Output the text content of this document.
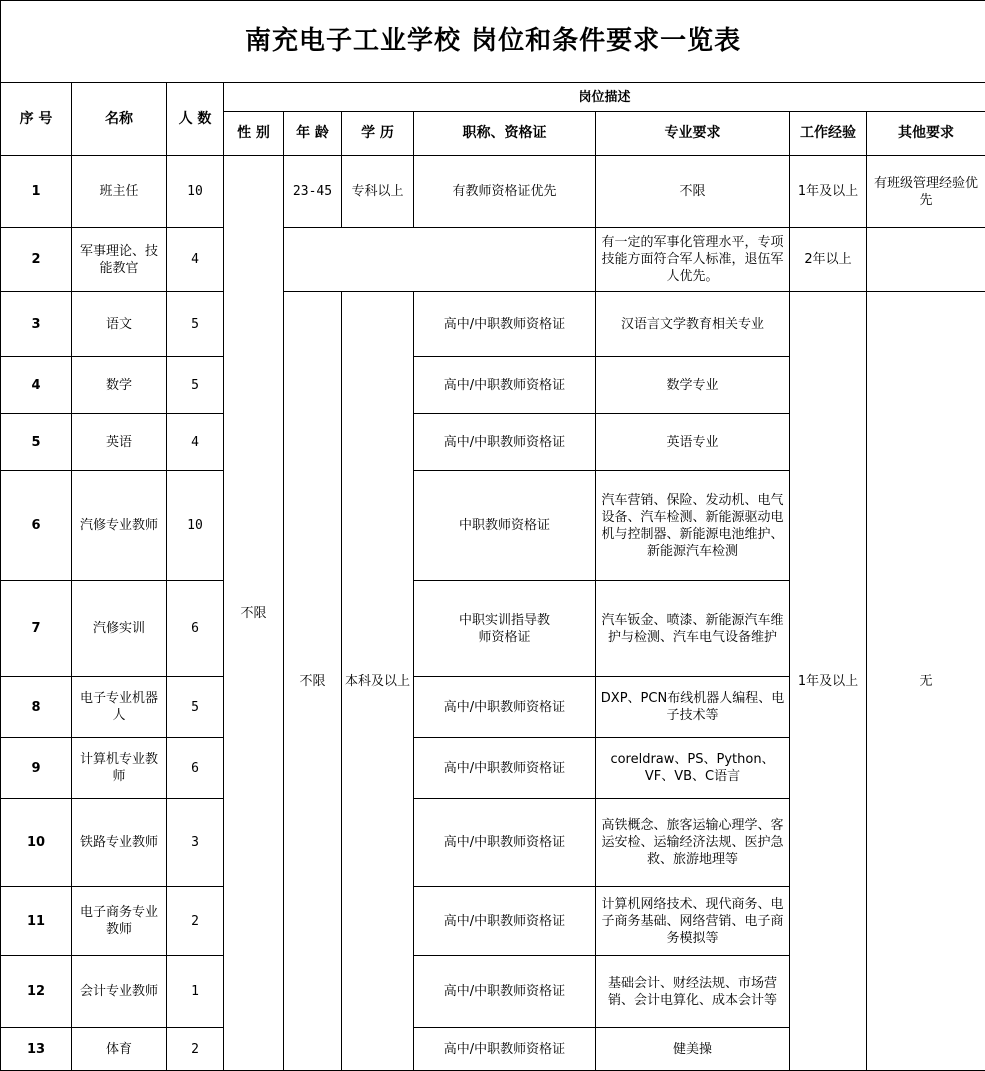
南充电子工业学校 岗位和条件要求一览表									
序 号	名称	人 数	岗位描述						
			性 别	年 龄	学 历	职称、资格证	专业要求	工作经验	其他要求
1	班主任	10	不限	23-45	专科以上	有教师资格证优先	不限	1年及以上	有班级管理经验优先
2	军事理论、技能教官	4					有一定的军事化管理水平，专项技能方面符合军人标准，退伍军人优先。	2年以上	
3	语文	5		不限	本科及以上	高中/中职教师资格证	汉语言文学教育相关专业	1年及以上	无
4	数学	5				高中/中职教师资格证	数学专业		
5	英语	4				高中/中职教师资格证	英语专业		
6	汽修专业教师	10				中职教师资格证	汽车营销、保险、发动机、电气设备、汽车检测、新能源驱动电机与控制器、新能源电池维护、新能源汽车检测		
7	汽修实训	6				中职实训指导教师资格证	汽车钣金、喷漆、新能源汽车维护与检测、汽车电气设备维护		
8	电子专业机器人	5				高中/中职教师资格证	DXP、PCN布线机器人编程、电子技术等		
9	计算机专业教师	6				高中/中职教师资格证	coreldraw、PS、Python、VF、VB、C语言		
10	铁路专业教师	3				高中/中职教师资格证	高铁概念、旅客运输心理学、客运安检、运输经济法规、医护急救、旅游地理等		
11	电子商务专业教师	2				高中/中职教师资格证	计算机网络技术、现代商务、电子商务基础、网络营销、电子商务模拟等		
12	会计专业教师	1				高中/中职教师资格证	基础会计、财经法规、市场营销、会计电算化、成本会计等		
13	体育	2				高中/中职教师资格证	健美操		
